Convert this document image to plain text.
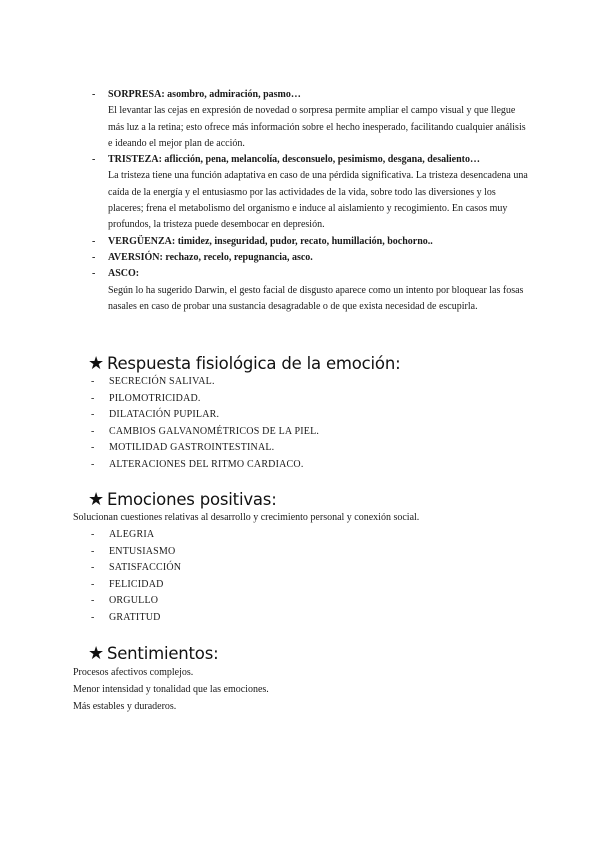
- SORPRESA: asombro, admiración, pasmo…
El levantar las cejas en expresión de novedad o sorpresa permite ampliar el campo visual y que llegue más luz a la retina; esto ofrece más información sobre el hecho inesperado, facilitando cualquier análisis e ideando el mejor plan de acción.
- TRISTEZA: aflicción, pena, melancolía, desconsuelo, pesimismo, desgana, desaliento…
La tristeza tiene una función adaptativa en caso de una pérdida significativa. La tristeza desencadena una caída de la energía y el entusiasmo por las actividades de la vida, sobre todo las diversiones y los placeres; frena el metabolismo del organismo e induce al aislamiento y recogimiento. En casos muy profundos, la tristeza puede desembocar en depresión.
- VERGÜENZA: timidez, inseguridad, pudor, recato, humillación, bochorno..
- AVERSIÓN: rechazo, recelo, repugnancia, asco.
- ASCO:
Según lo ha sugerido Darwin, el gesto facial de disgusto aparece como un intento por bloquear las fosas nasales en caso de probar una sustancia desagradable o de que exista necesidad de escupirla.
★ Respuesta fisiológica de la emoción:
- SECRECIÓN SALIVAL.
- PILOMOTRICIDAD.
- DILATACIÓN PUPILAR.
- CAMBIOS GALVANOMÉTRICOS DE LA PIEL.
- MOTILIDAD GASTROINTESTINAL.
- ALTERACIONES DEL RITMO CARDIACO.
★ Emociones positivas:
Solucionan cuestiones relativas al desarrollo y crecimiento personal y conexión social.
- ALEGRIA
- ENTUSIASMO
- SATISFACCIÓN
- FELICIDAD
- ORGULLO
- GRATITUD
★ Sentimientos:
Procesos afectivos complejos.
Menor intensidad y tonalidad que las emociones.
Más estables y duraderos.
